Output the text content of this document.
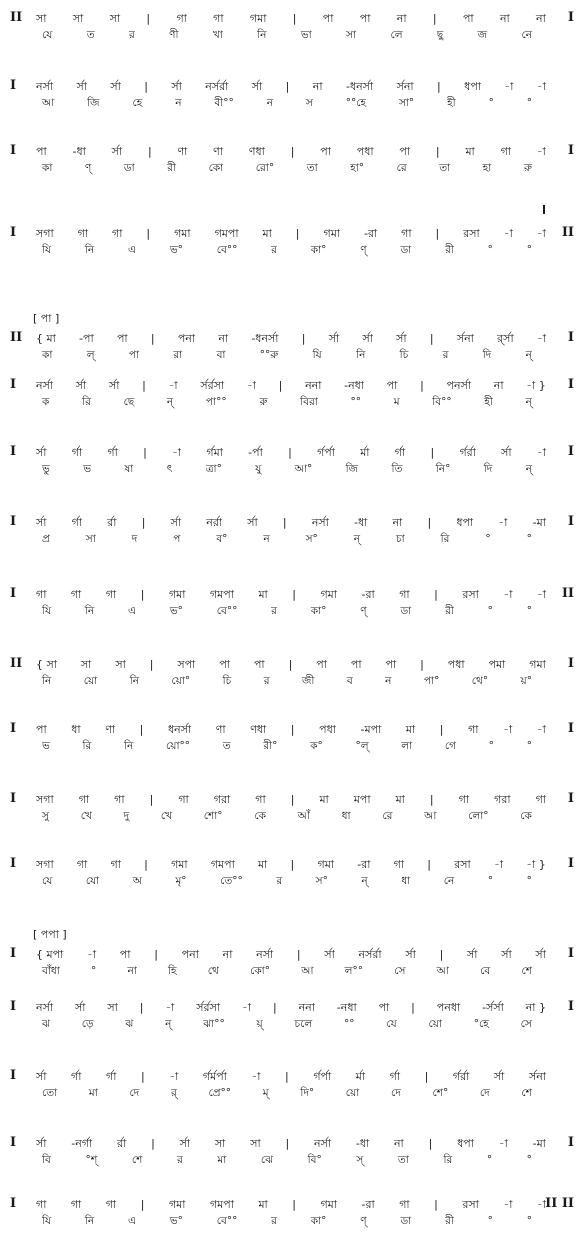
II সা সা সা | গা গা গমা | পা পা না | পা না না I
যে	ত	র	ণী	খা	নি	ভা	সা	লে	ছু	জ	নে
I নর্সা র্সা র্সা | র্সা নর্সর্রা র্সা | না -ধনর্সা র্সনা | ধপা -া -া
আ	জি	হে	ন	বী°°	ন	স	°°হে	সা°	হী	°	°
I পা -ধা র্সা | ণা ণা ণধা | পা পধা পা | মা গা -া I
কা	ণ্	ডা	রী	কো	রো°	তা	হা°	রে	তা	হা	রু
I সগা গা গা | গমা গমপা মা | গমা -রা গা | রসা -া -া II
যি	নি	এ	ভ°	বে°°	র	কা°	ণ্	ডা	রী	°	°
[ পা ]
II { মা -পা পা | পনা না -ধনর্সা | র্সা র্সা র্সা | র্সনা র্র্সা -া I
কা	ল্	পা	রা	বা	°°রু	যি	নি	চি	র	দি	ন্
I নর্সা র্সা র্সা | -া র্সর্রসা -া | ননা -নধা পা | পনর্সা না -া } I
ক	রি	ছে	ন্	পা°°	রু	বিরা	°°	ম	বি°°	হী	ন্
I র্সা র্গা র্গা | -া র্গমা -র্পা | র্গর্পা র্মা র্গা | র্গর্রা র্সা -া I
ভু	ভ	ষা	ৎ	ত্রা°	যু	আ°	জি	তি	নি°	দি	ন্
I র্সা র্গা র্রা | র্সা নর্রা র্সা | নর্সা -ধা না | ধপা -া -মা I
প্র	সা	দ	প	ব°	ন	স°	ন্	চা	রি	°	°
I গা গা গা | গমা গমপা মা | গমা -রা গা | রসা -া -া II
যি	নি	এ	ভ°	বে°°	র	কা°	ণ্	ডা	রী	°	°
II { সা সা সা | সপা পা পা | পা পা পা | পধা পমা গমা I
নি	য়ো	নি	য়ো°	চি	র	জী	ব	ন	পা°	থে°	য়°
I পা ধা ণা | ধনর্সা ণা ণধা | পধা -মপা মা | গা -া -া I
ভ	রি	নি	য়ো°°	ত	রী°	ক°	°ল্	লা	গে	°	°
I সগা গা গা | গা গরা গা | মা মপা মা | গা গরা গা I
সু	খে	দু	খে	শো°	কে	আঁ	ধা	রে	আ	লো°	কে
I সগা গা গা | গমা গমপা মা | গমা -রা গা | রসা -া -া } I
যে	যো	অ	মৃ°	তে°°	র	স°	ন্	ধা	নে	°	°
[ পপা ]
I { মপা -া পা | পনা না নর্সা | র্সা নর্সর্রা র্সা | র্সা র্সা র্সা I
বাঁধা	°	না	হি	থে	কো°	আ	ল°°	সে	আ	বে	শে
I নর্সা র্সা সা | -া র্সর্রসা -া | ননা -নধা পা | পনধা -র্সর্সা না } I
ঝ	ড়ে	ঝ	ন্	ঝা°°	য়্	চলে	°°	যে	য়ো	°হে	সে
I র্সা র্গা র্গা | -া র্গর্মর্পা -া | র্গর্পা র্মা র্গা | র্গর্রা র্সা র্সনা
তো	মা	দে	র্	প্রে°°	ম্	দি°	য়ো	দে	শে°	দে	শে
I র্সা -নর্গা র্রা | র্সা সা সা | নর্সা -ধা না | ধপা -া -মা I
বি	°শ্	শে	র	মা	ঝে	বি°	স্	তা	রি	°	°
I গা গা গা | গমা গমপা মা | গমা -রা গা | রসা -া -া II II
যি	নি	এ	ভ°	বে°°	র	কা°	ণ্	ডা	রী	°	°
